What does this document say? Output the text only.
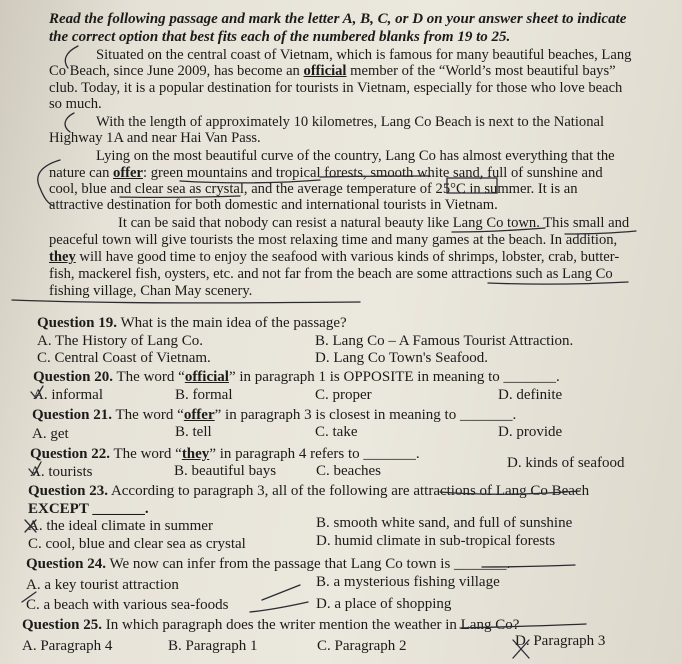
Read the following passage and mark the letter A, B, C, or D on your answer sheet to indicate
the correct option that best fits each of the numbered blanks from 19 to 25.
Situated on the central coast of Vietnam, which is famous for many beautiful beaches, Lang
Co Beach, since June 2009, has become an official member of the “World’s most beautiful bays”
club. Today, it is a popular destination for tourists in Vietnam, especially for those who love beach
so much.
With the length of approximately 10 kilometres, Lang Co Beach is next to the National
Highway 1A and near Hai Van Pass.
Lying on the most beautiful curve of the country, Lang Co has almost everything that the
nature can offer: green mountains and tropical forests, smooth white sand, full of sunshine and
cool, blue and clear sea as crystal, and the average temperature of 25°C in summer. It is an
attractive destination for both domestic and international tourists in Vietnam.
It can be said that nobody can resist a natural beauty like Lang Co town. This small and
peaceful town will give tourists the most relaxing time and many games at the beach. In addition,
they will have good time to enjoy the seafood with various kinds of shrimps, lobster, crab, butter-
fish, mackerel fish, oysters, etc. and not far from the beach are some attractions such as Lang Co
fishing village, Chan May scenery.
Question 19. What is the main idea of the passage?
A. The History of Lang Co.	B. Lang Co – A Famous Tourist Attraction.
C. Central Coast of Vietnam.	D. Lang Co Town's Seafood.
Question 20. The word “official” in paragraph 1 is OPPOSITE in meaning to _______.
A. informal	B. formal	C. proper	D. definite
Question 21. The word “offer” in paragraph 3 is closest in meaning to _______.
A. get	B. tell	C. take	D. provide
Question 22. The word “they” in paragraph 4 refers to _______.
A. tourists	B. beautiful bays	C. beaches	D. kinds of seafood
Question 23. According to paragraph 3, all of the following are attractions of Lang Co Beach
EXCEPT _______.
A. the ideal climate in summer	B. smooth white sand, and full of sunshine
C. cool, blue and clear sea as crystal	D. humid climate in sub-tropical forests
Question 24. We now can infer from the passage that Lang Co town is _______.
A. a key tourist attraction	B. a mysterious fishing village
C. a beach with various sea-foods	D. a place of shopping
Question 25. In which paragraph does the writer mention the weather in Lang Co?
A. Paragraph 4	B. Paragraph 1	C. Paragraph 2	D. Paragraph 3
